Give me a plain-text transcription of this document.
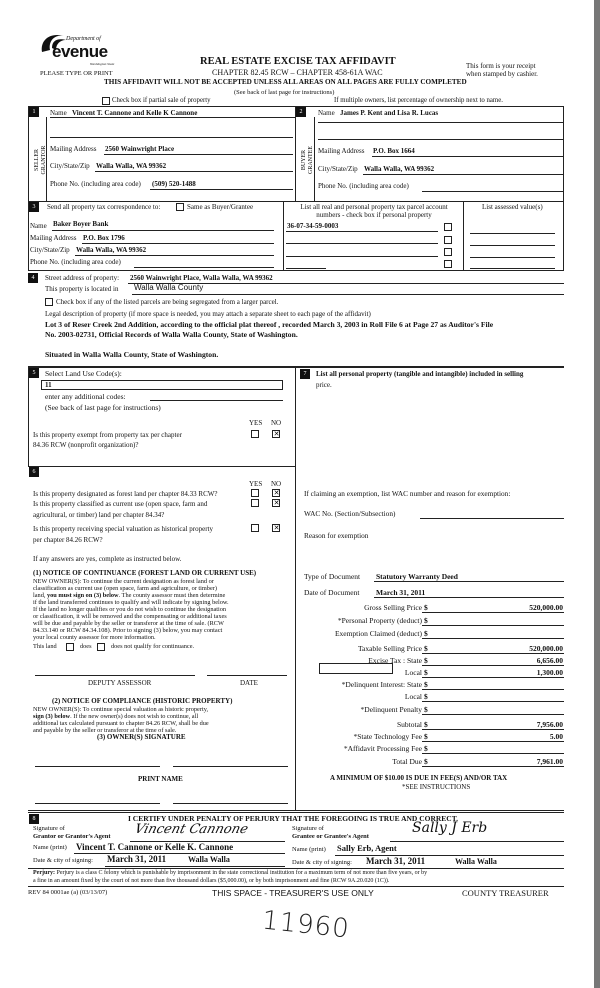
Department of
evenue
Washington State
PLEASE TYPE OR PRINT
REAL ESTATE EXCISE TAX AFFIDAVIT
CHAPTER 82.45 RCW – CHAPTER 458-61A WAC
THIS AFFIDAVIT WILL NOT BE ACCEPTED UNLESS ALL AREAS ON ALL PAGES ARE FULLY COMPLETED
(See back of last page for instructions)
This form is your receipt
when stamped by cashier.
Check box if partial sale of property	If multiple owners, list percentage of ownership next to name.
1	2
SELLER GRANTOR	BUYER GRANTEE
Name Vincent T. Cannone and Kelle K Cannone
Mailing Address 2560 Wainwright Place
City/State/Zip Walla Walla, WA 99362
Phone No. (including area code) (509) 520-1488
Name James P. Kent and Lisa R. Lucas
Mailing Address P.O. Box 1664
City/State/Zip Walla Walla, WA 99362
Phone No. (including area code)
3	Send all property tax correspondence to:	Same as Buyer/Grantee
Name Baker Boyer Bank
Mailing Address P.O. Box 1796
City/State/Zip Walla Walla, WA 99362
Phone No. (including area code)
List all real and personal property tax parcel account
numbers - check box if personal property
List assessed value(s)
36-07-34-59-0003
4	Street address of property: 2560 Wainwright Place, Walla Walla, WA 99362
This property is located in Walla Walla County
Check box if any of the listed parcels are being segregated from a larger parcel.
Legal description of property (if more space is needed, you may attach a separate sheet to each page of the affidavit)
Lot 3 of Reser Creek 2nd Addition, according to the official plat thereof , recorded March 3, 2003 in Roll File 6 at Page 27 as Auditor's File
No. 2003-02731, Official Records of Walla Walla County, State of Washington.
Situated in Walla Walla County, State of Washington.
5	Select Land Use Code(s):
11
enter any additional codes:
(See back of last page for instructions)
YES NO
Is this property exempt from property tax per chapter
84.36 RCW (nonprofit organization)?
✕
6
YES NO
Is this property designated as forest land per chapter 84.33 RCW?
✕
Is this property classified as current use (open space, farm and
agricultural, or timber) land per chapter 84.34?
✕
Is this property receiving special valuation as historical property
per chapter 84.26 RCW?
✕
If any answers are yes, complete as instructed below.
(1) NOTICE OF CONTINUANCE (FOREST LAND OR CURRENT USE)
NEW OWNER(S): To continue the current designation as forest land or
classification as current use (open space, farm and agriculture, or timber)
land, you must sign on (3) below. The county assessor must then determine
if the land transferred continues to qualify and will indicate by signing below.
If the land no longer qualifies or you do not wish to continue the designation
or classification, it will be removed and the compensating or additional taxes
will be due and payable by the seller or transferor at the time of sale. (RCW
84.33.140 or RCW 84.34.108). Prior to signing (3) below, you may contact
your local county assessor for more information.
This land	does	does not qualify for continuance.
DEPUTY ASSESSOR	DATE
(2) NOTICE OF COMPLIANCE (HISTORIC PROPERTY)
NEW OWNER(S): To continue special valuation as historic property,
sign (3) below. If the new owner(s) does not wish to continue, all
additional tax calculated pursuant to chapter 84.26 RCW, shall be due
and payable by the seller or transferor at the time of sale.
(3) OWNER(S) SIGNATURE
PRINT NAME
7	List all personal property (tangible and intangible) included in selling
price.
If claiming an exemption, list WAC number and reason for exemption:
WAC No. (Section/Subsection)
Reason for exemption
Type of Document Statutory Warranty Deed
Date of Document March 31, 2011
Gross Selling Price $	520,000.00
*Personal Property (deduct) $
Exemption Claimed (deduct) $
Taxable Selling Price $	520,000.00
Excise Tax : State $	6,656.00
Local $	1,300.00
*Delinquent Interest: State $
Local $
*Delinquent Penalty $
Subtotal $	7,956.00
*State Technology Fee $	5.00
*Affidavit Processing Fee $
Total Due $	7,961.00
A MINIMUM OF $10.00 IS DUE IN FEE(S) AND/OR TAX
*SEE INSTRUCTIONS
8	I CERTIFY UNDER PENALTY OF PERJURY THAT THE FOREGOING IS TRUE AND CORRECT.
Signature of
Grantor or Grantor's Agent Vincent Cannone
Name (print) Vincent T. Cannone or Kelle K. Cannone
Date & city of signing: March 31, 2011	Walla Walla
Signature of
Grantee or Grantee's Agent
Sally J Erb
Name (print) Sally Erb, Agent
Date & city of signing: March 31, 2011	Walla Walla
Perjury: Perjury is a class C felony which is punishable by imprisonment in the state correctional institution for a maximum term of not more than five years, or by
a fine in an amount fixed by the court of not more than five thousand dollars ($5,000.00), or by both imprisonment and fine (RCW 9A.20.020 (1C)).
REV 84 0001ae (a) (03/13/07)	THIS SPACE - TREASURER'S USE ONLY	COUNTY TREASURER
11960
